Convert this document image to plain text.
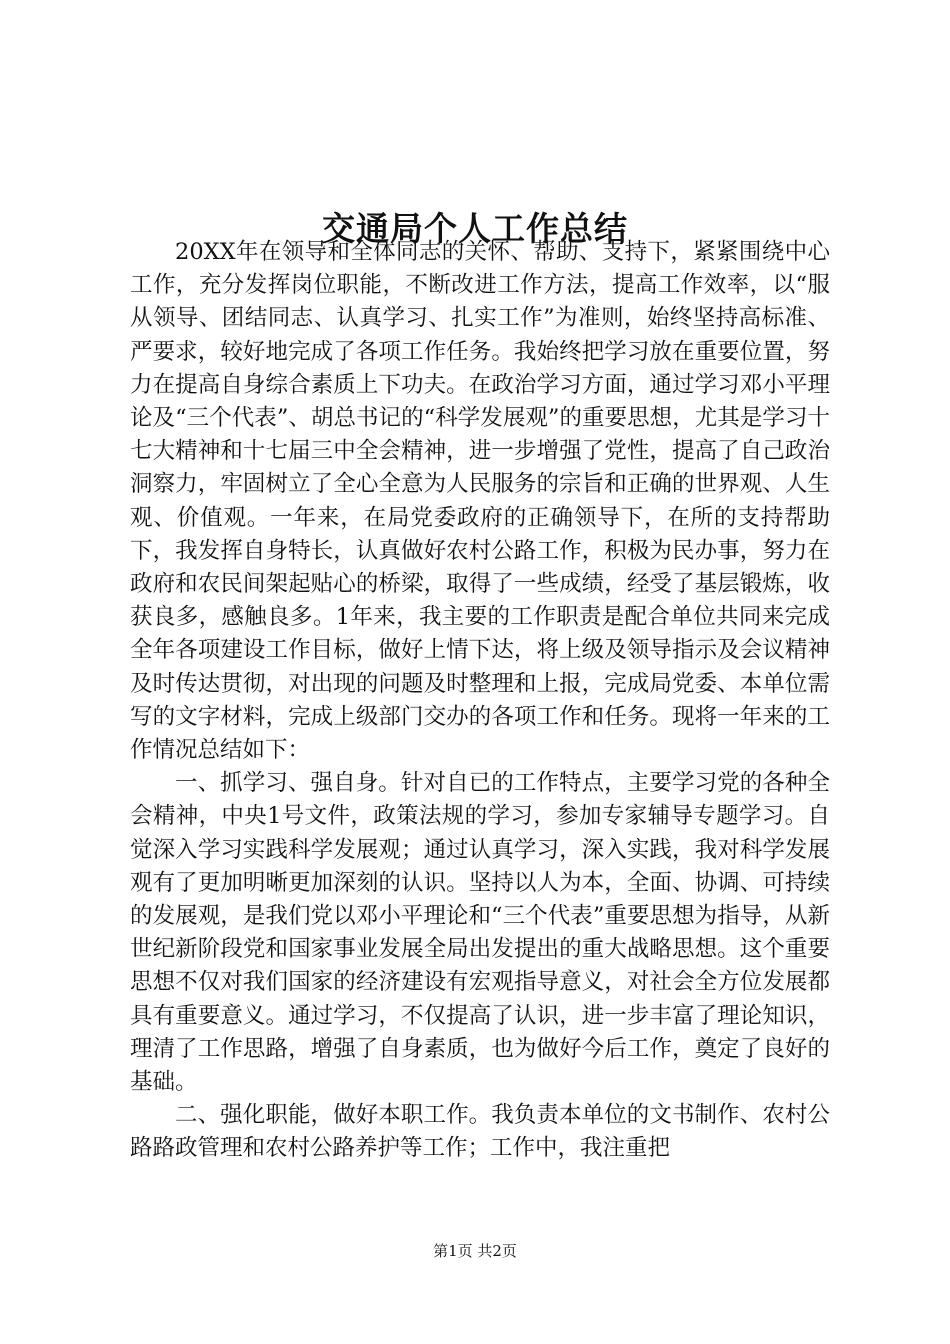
交通局个人工作总结

20XX年在领导和全体同志的关怀、帮助、支持下，紧紧围绕中心工作，充分发挥岗位职能，不断改进工作方法，提高工作效率，以“服从领导、团结同志、认真学习、扎实工作”为准则，始终坚持高标准、严要求，较好地完成了各项工作任务。我始终把学习放在重要位置，努力在提高自身综合素质上下功夫。在政治学习方面，通过学习邓小平理论及“三个代表”、胡总书记的“科学发展观”的重要思想，尤其是学习十七大精神和十七届三中全会精神，进一步增强了党性，提高了自己政治洞察力，牢固树立了全心全意为人民服务的宗旨和正确的世界观、人生观、价值观。一年来，在局党委政府的正确领导下，在所的支持帮助下，我发挥自身特长，认真做好农村公路工作，积极为民办事，努力在政府和农民间架起贴心的桥梁，取得了一些成绩，经受了基层锻炼，收获良多，感触良多。1年来，我主要的工作职责是配合单位共同来完成全年各项建设工作目标，做好上情下达，将上级及领导指示及会议精神及时传达贯彻，对出现的问题及时整理和上报，完成局党委、本单位需写的文字材料，完成上级部门交办的各项工作和任务。现将一年来的工作情况总结如下：

一、抓学习、强自身。针对自已的工作特点，主要学习党的各种全会精神，中央1号文件，政策法规的学习，参加专家辅导专题学习。自觉深入学习实践科学发展观；通过认真学习，深入实践，我对科学发展观有了更加明晰更加深刻的认识。坚持以人为本，全面、协调、可持续的发展观，是我们党以邓小平理论和“三个代表”重要思想为指导，从新世纪新阶段党和国家事业发展全局出发提出的重大战略思想。这个重要思想不仅对我们国家的经济建设有宏观指导意义，对社会全方位发展都具有重要意义。通过学习，不仅提高了认识，进一步丰富了理论知识，理清了工作思路，增强了自身素质，也为做好今后工作，奠定了良好的基础。

二、强化职能，做好本职工作。我负责本单位的文书制作、农村公路路政管理和农村公路养护等工作；工作中，我注重把

第1页 共2页
